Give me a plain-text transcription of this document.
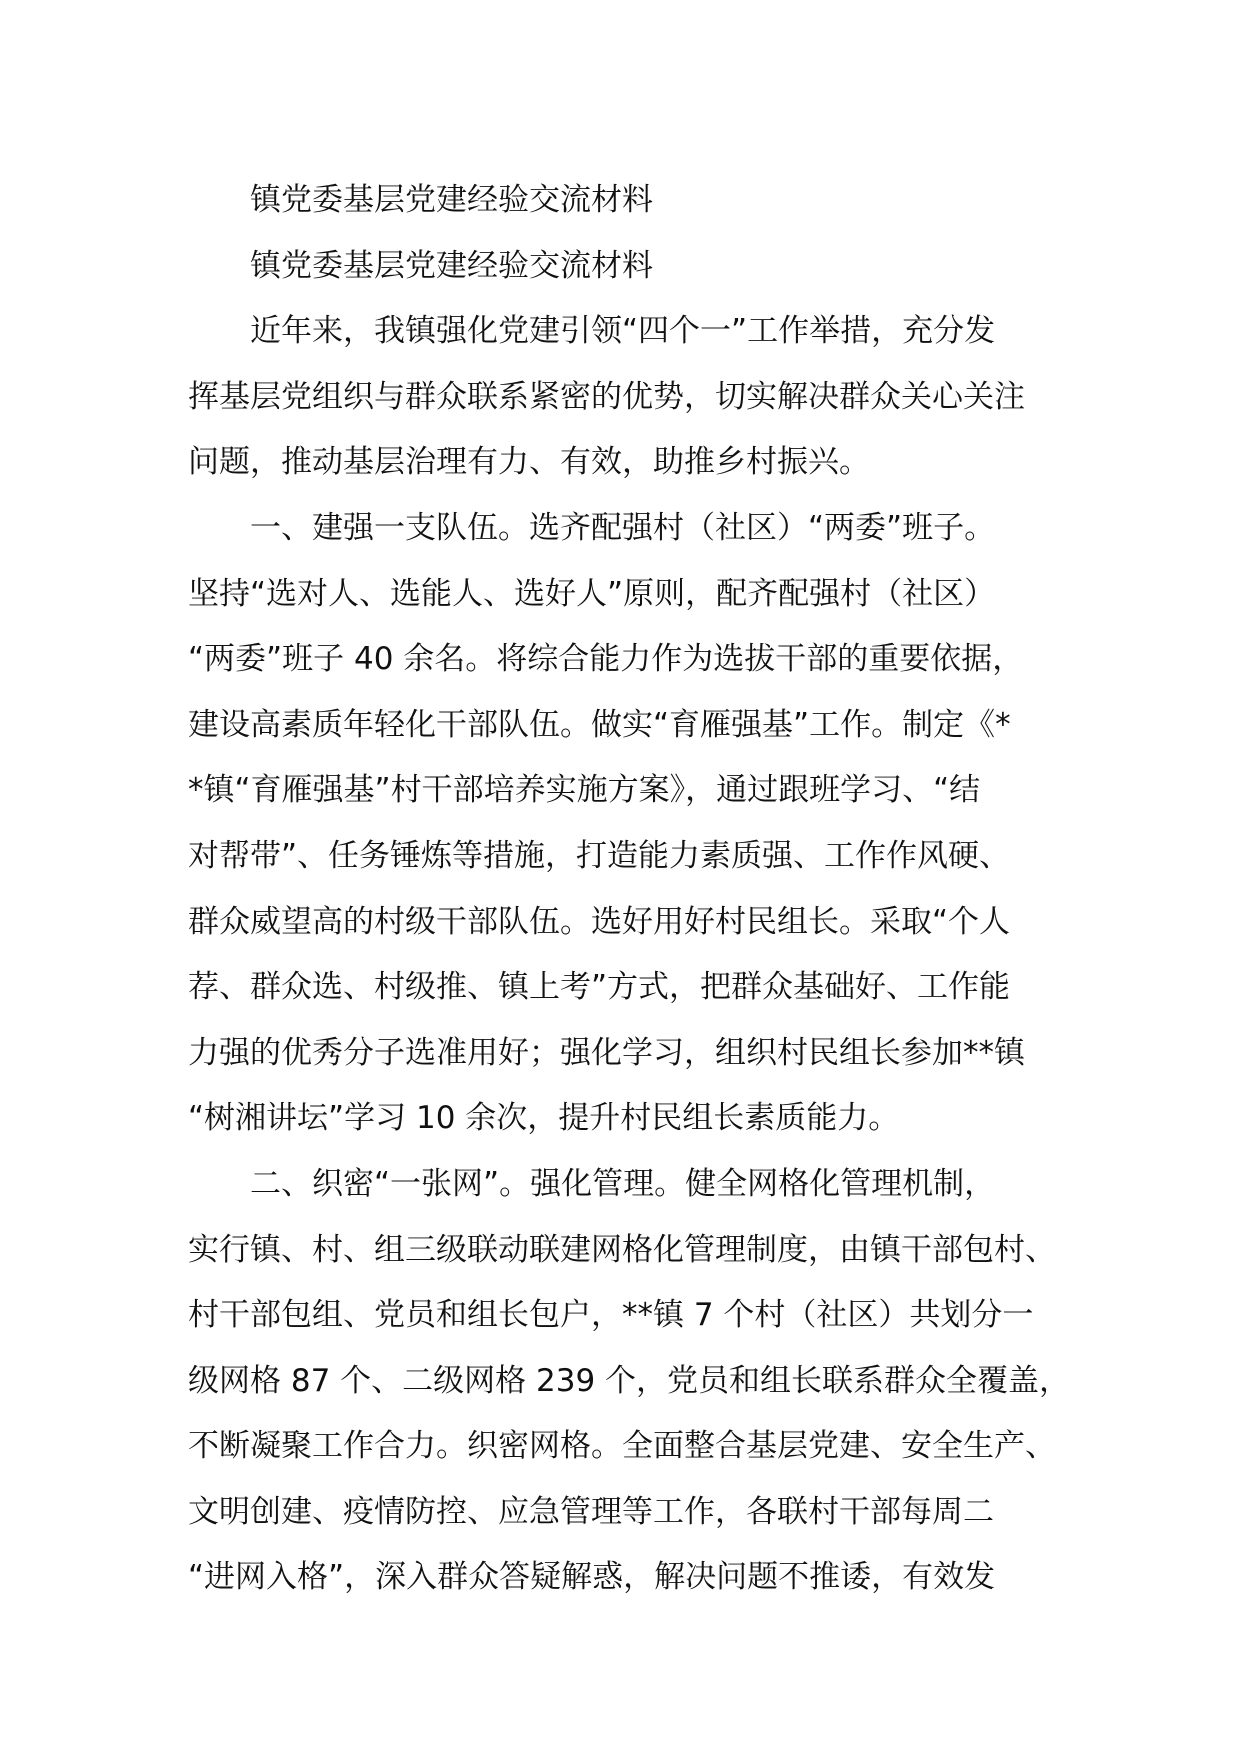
镇党委基层党建经验交流材料
镇党委基层党建经验交流材料
近年来，我镇强化党建引领“四个一”工作举措，充分发
挥基层党组织与群众联系紧密的优势，切实解决群众关心关注
问题，推动基层治理有力、有效，助推乡村振兴。
一、建强一支队伍。选齐配强村（社区）“两委”班子。
坚持“选对人、选能人、选好人”原则，配齐配强村（社区）
“两委”班子 40 余名。将综合能力作为选拔干部的重要依据，
建设高素质年轻化干部队伍。做实“育雁强基”工作。制定《*
*镇“育雁强基”村干部培养实施方案》，通过跟班学习、“结
对帮带”、任务锤炼等措施，打造能力素质强、工作作风硬、
群众威望高的村级干部队伍。选好用好村民组长。采取“个人
荐、群众选、村级推、镇上考”方式，把群众基础好、工作能
力强的优秀分子选准用好；强化学习，组织村民组长参加**镇
“树湘讲坛”学习 10 余次，提升村民组长素质能力。
二、织密“一张网”。强化管理。健全网格化管理机制，
实行镇、村、组三级联动联建网格化管理制度，由镇干部包村、
村干部包组、党员和组长包户，**镇 7 个村（社区）共划分一
级网格 87 个、二级网格 239 个，党员和组长联系群众全覆盖，
不断凝聚工作合力。织密网格。全面整合基层党建、安全生产、
文明创建、疫情防控、应急管理等工作，各联村干部每周二
“进网入格”，深入群众答疑解惑，解决问题不推诿，有效发
